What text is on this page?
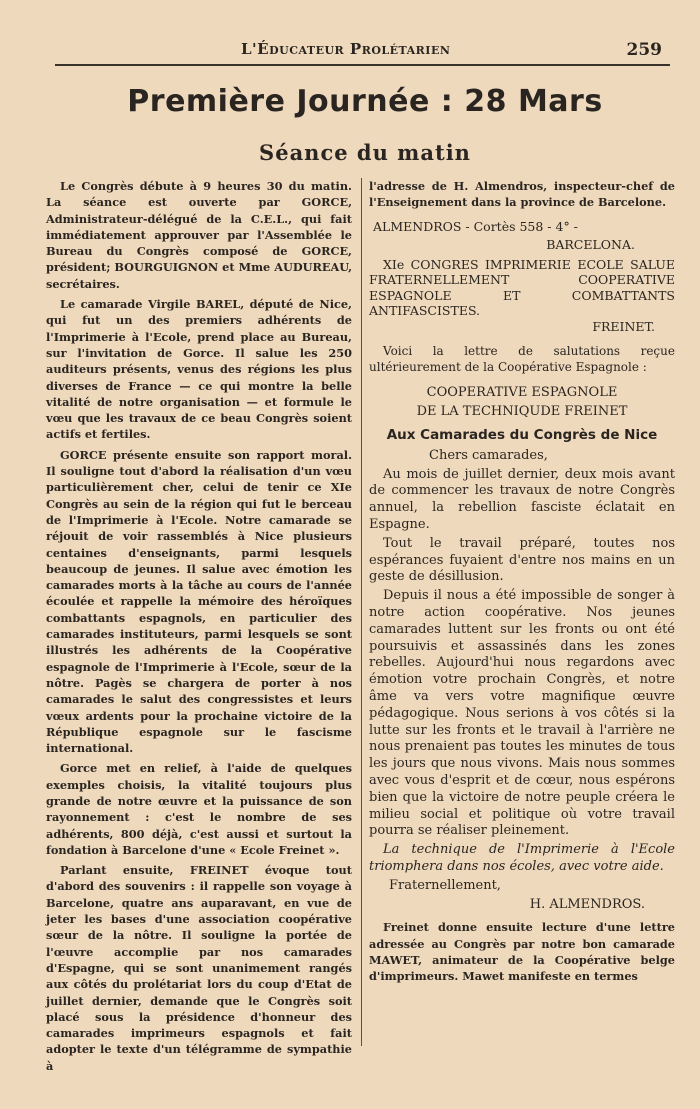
L'Éducateur Prolétarien	259
Première Journée : 28 Mars
Séance du matin

Le Congrès débute à 9 heures 30 du matin. La séance est ouverte par GORCE, Administrateur-délégué de la C.E.L., qui fait immédiatement approuver par l'Assemblée le Bureau du Congrès composé de GORCE, président; BOURGUIGNON et Mme AUDUREAU, secrétaires.

Le camarade Virgile BAREL, député de Nice, qui fut un des premiers adhérents de l'Imprimerie à l'Ecole, prend place au Bureau, sur l'invitation de Gorce. Il salue les 250 auditeurs présents, venus des régions les plus diverses de France — ce qui montre la belle vitalité de notre organisation — et formule le vœu que les travaux de ce beau Congrès soient actifs et fertiles.

GORCE présente ensuite son rapport moral. Il souligne tout d'abord la réalisation d'un vœu particulièrement cher, celui de tenir ce XIe Congrès au sein de la région qui fut le berceau de l'Imprimerie à l'Ecole. Notre camarade se réjouit de voir rassemblés à Nice plusieurs centaines d'enseignants, parmi lesquels beaucoup de jeunes. Il salue avec émotion les camarades morts à la tâche au cours de l'année écoulée et rappelle la mémoire des héroïques combattants espagnols, en particulier des camarades instituteurs, parmi lesquels se sont illustrés les adhérents de la Coopérative espagnole de l'Imprimerie à l'Ecole, sœur de la nôtre. Pagès se chargera de porter à nos camarades le salut des congressistes et leurs vœux ardents pour la prochaine victoire de la République espagnole sur le fascisme international.

Gorce met en relief, à l'aide de quelques exemples choisis, la vitalité toujours plus grande de notre œuvre et la puissance de son rayonnement : c'est le nombre de ses adhérents, 800 déjà, c'est aussi et surtout la fondation à Barcelone d'une « Ecole Freinet ».

Parlant ensuite, FREINET évoque tout d'abord des souvenirs : il rappelle son voyage à Barcelone, quatre ans auparavant, en vue de jeter les bases d'une association coopérative sœur de la nôtre. Il souligne la portée de l'œuvre accomplie par nos camarades d'Espagne, qui se sont unanimement rangés aux côtés du prolétariat lors du coup d'Etat de juillet dernier, demande que le Congrès soit placé sous la présidence d'honneur des camarades imprimeurs espagnols et fait adopter le texte d'un télégramme de sympathie à

l'adresse de H. Almendros, inspecteur-chef de l'Enseignement dans la province de Barcelone.
ALMENDROS - Cortès 558 - 4° -
BARCELONA.
XIe CONGRES IMPRIMERIE ECOLE SALUE FRATERNELLEMENT COOPERATIVE ESPAGNOLE ET COMBATTANTS ANTIFASCISTES.
FREINET.
Voici la lettre de salutations reçue ultérieurement de la Coopérative Espagnole :
COOPERATIVE ESPAGNOLE
DE LA TECHNIQUDE FREINET
Aux Camarades du Congrès de Nice

Chers camarades,

Au mois de juillet dernier, deux mois avant de commencer les travaux de notre Congrès annuel, la rebellion fasciste éclatait en Espagne.

Tout le travail préparé, toutes nos espérances fuyaient d'entre nos mains en un geste de désillusion.

Depuis il nous a été impossible de songer à notre action coopérative. Nos jeunes camarades luttent sur les fronts ou ont été poursuivis et assassinés dans les zones rebelles. Aujourd'hui nous regardons avec émotion votre prochain Congrès, et notre âme va vers votre magnifique œuvre pédagogique. Nous serions à vos côtés si la lutte sur les fronts et le travail à l'arrière ne nous prenaient pas toutes les minutes de tous les jours que nous vivons. Mais nous sommes avec vous d'esprit et de cœur, nous espérons bien que la victoire de notre peuple créera le milieu social et politique où votre travail pourra se réaliser pleinement.

La technique de l'Imprimerie à l'Ecole triomphera dans nos écoles, avec votre aide.

Fraternellement,

H. ALMENDROS.

Freinet donne ensuite lecture d'une lettre adressée au Congrès par notre bon camarade MAWET, animateur de la Coopérative belge d'imprimeurs. Mawet manifeste en termes
